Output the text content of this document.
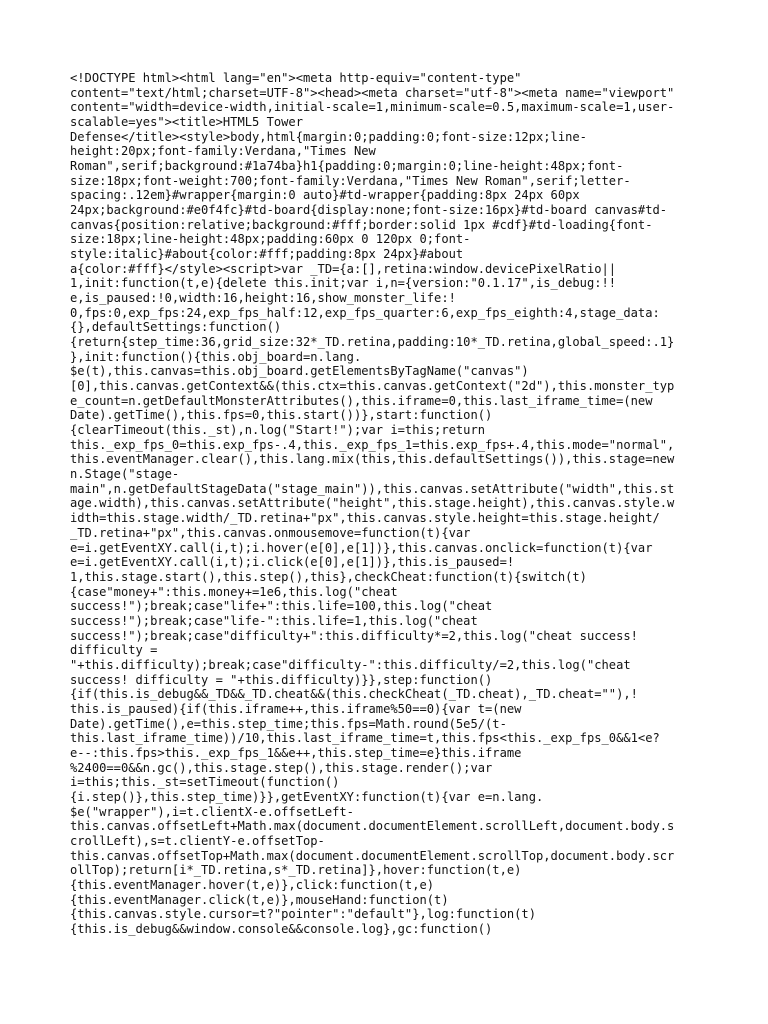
<!DOCTYPE html><html lang="en"><meta http-equiv="content-type"
content="text/html;charset=UTF-8"><head><meta charset="utf-8"><meta name="viewport"
content="width=device-width,initial-scale=1,minimum-scale=0.5,maximum-scale=1,user-
scalable=yes"><title>HTML5 Tower
Defense</title><style>body,html{margin:0;padding:0;font-size:12px;line-
height:20px;font-family:Verdana,"Times New
Roman",serif;background:#1a74ba}h1{padding:0;margin:0;line-height:48px;font-
size:18px;font-weight:700;font-family:Verdana,"Times New Roman",serif;letter-
spacing:.12em}#wrapper{margin:0 auto}#td-wrapper{padding:8px 24px 60px
24px;background:#e0f4fc}#td-board{display:none;font-size:16px}#td-board canvas#td-
canvas{position:relative;background:#fff;border:solid 1px #cdf}#td-loading{font-
size:18px;line-height:48px;padding:60px 0 120px 0;font-
style:italic}#about{color:#fff;padding:8px 24px}#about
a{color:#fff}</style><script>var _TD={a:[],retina:window.devicePixelRatio||
1,init:function(t,e){delete this.init;var i,n={version:"0.1.17",is_debug:!!
e,is_paused:!0,width:16,height:16,show_monster_life:!
0,fps:0,exp_fps:24,exp_fps_half:12,exp_fps_quarter:6,exp_fps_eighth:4,stage_data:
{},defaultSettings:function()
{return{step_time:36,grid_size:32*_TD.retina,padding:10*_TD.retina,global_speed:.1}
},init:function(){this.obj_board=n.lang.
$e(t),this.canvas=this.obj_board.getElementsByTagName("canvas")
[0],this.canvas.getContext&&(this.ctx=this.canvas.getContext("2d"),this.monster_typ
e_count=n.getDefaultMonsterAttributes(),this.iframe=0,this.last_iframe_time=(new
Date).getTime(),this.fps=0,this.start())},start:function()
{clearTimeout(this._st),n.log("Start!");var i=this;return
this._exp_fps_0=this.exp_fps-.4,this._exp_fps_1=this.exp_fps+.4,this.mode="normal",
this.eventManager.clear(),this.lang.mix(this,this.defaultSettings()),this.stage=new
n.Stage("stage-
main",n.getDefaultStageData("stage_main")),this.canvas.setAttribute("width",this.st
age.width),this.canvas.setAttribute("height",this.stage.height),this.canvas.style.w
idth=this.stage.width/_TD.retina+"px",this.canvas.style.height=this.stage.height/
_TD.retina+"px",this.canvas.onmousemove=function(t){var
e=i.getEventXY.call(i,t);i.hover(e[0],e[1])},this.canvas.onclick=function(t){var
e=i.getEventXY.call(i,t);i.click(e[0],e[1])},this.is_paused=!
1,this.stage.start(),this.step(),this},checkCheat:function(t){switch(t)
{case"money+":this.money+=1e6,this.log("cheat
success!");break;case"life+":this.life=100,this.log("cheat
success!");break;case"life-":this.life=1,this.log("cheat
success!");break;case"difficulty+":this.difficulty*=2,this.log("cheat success!
difficulty =
"+this.difficulty);break;case"difficulty-":this.difficulty/=2,this.log("cheat
success! difficulty = "+this.difficulty)}},step:function()
{if(this.is_debug&&_TD&&_TD.cheat&&(this.checkCheat(_TD.cheat),_TD.cheat=""),!
this.is_paused){if(this.iframe++,this.iframe%50==0){var t=(new
Date).getTime(),e=this.step_time;this.fps=Math.round(5e5/(t-
this.last_iframe_time))/10,this.last_iframe_time=t,this.fps<this._exp_fps_0&&1<e?
e--:this.fps>this._exp_fps_1&&e++,this.step_time=e}this.iframe
%2400==0&&n.gc(),this.stage.step(),this.stage.render();var
i=this;this._st=setTimeout(function()
{i.step()},this.step_time)}},getEventXY:function(t){var e=n.lang.
$e("wrapper"),i=t.clientX-e.offsetLeft-
this.canvas.offsetLeft+Math.max(document.documentElement.scrollLeft,document.body.s
crollLeft),s=t.clientY-e.offsetTop-
this.canvas.offsetTop+Math.max(document.documentElement.scrollTop,document.body.scr
ollTop);return[i*_TD.retina,s*_TD.retina]},hover:function(t,e)
{this.eventManager.hover(t,e)},click:function(t,e)
{this.eventManager.click(t,e)},mouseHand:function(t)
{this.canvas.style.cursor=t?"pointer":"default"},log:function(t)
{this.is_debug&&window.console&&console.log},gc:function()
